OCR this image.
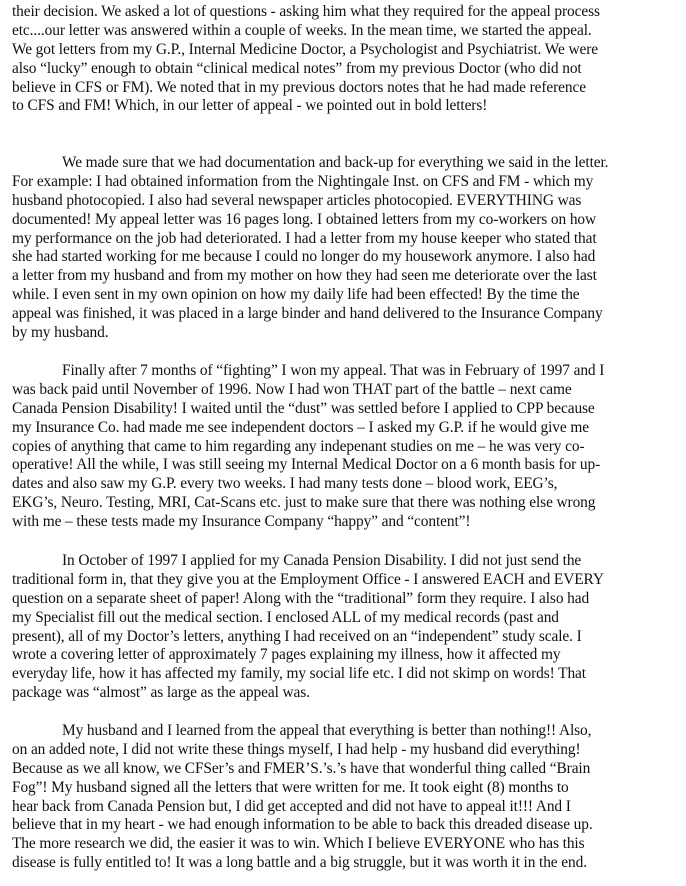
their decision. We asked a lot of questions - asking him what they required for the appeal process
etc....our letter was answered within a couple of weeks. In the mean time, we started the appeal.
We got letters from my G.P., Internal Medicine Doctor, a Psychologist and Psychiatrist. We were
also “lucky” enough to obtain “clinical medical notes” from my previous Doctor (who did not
believe in CFS or FM). We noted that in my previous doctors notes that he had made reference
to CFS and FM! Which, in our letter of appeal - we pointed out in bold letters!
We made sure that we had documentation and back-up for everything we said in the letter.
For example: I had obtained information from the Nightingale Inst. on CFS and FM - which my
husband photocopied. I also had several newspaper articles photocopied. EVERYTHING was
documented! My appeal letter was 16 pages long. I obtained letters from my co-workers on how
my performance on the job had deteriorated. I had a letter from my house keeper who stated that
she had started working for me because I could no longer do my housework anymore. I also had
a letter from my husband and from my mother on how they had seen me deteriorate over the last
while. I even sent in my own opinion on how my daily life had been effected! By the time the
appeal was finished, it was placed in a large binder and hand delivered to the Insurance Company
by my husband.
Finally after 7 months of “fighting” I won my appeal. That was in February of 1997 and I
was back paid until November of 1996. Now I had won THAT part of the battle – next came
Canada Pension Disability! I waited until the “dust” was settled before I applied to CPP because
my Insurance Co. had made me see independent doctors – I asked my G.P. if he would give me
copies of anything that came to him regarding any indepenant studies on me – he was very co-
operative! All the while, I was still seeing my Internal Medical Doctor on a 6 month basis for up-
dates and also saw my G.P. every two weeks. I had many tests done – blood work, EEG’s,
EKG’s, Neuro. Testing, MRI, Cat-Scans etc. just to make sure that there was nothing else wrong
with me – these tests made my Insurance Company “happy” and “content”!
In October of 1997 I applied for my Canada Pension Disability. I did not just send the
traditional form in, that they give you at the Employment Office - I answered EACH and EVERY
question on a separate sheet of paper! Along with the “traditional” form they require. I also had
my Specialist fill out the medical section. I enclosed ALL of my medical records (past and
present), all of my Doctor’s letters, anything I had received on an “independent” study scale. I
wrote a covering letter of approximately 7 pages explaining my illness, how it affected my
everyday life, how it has affected my family, my social life etc. I did not skimp on words! That
package was “almost” as large as the appeal was.
My husband and I learned from the appeal that everything is better than nothing!! Also,
on an added note, I did not write these things myself, I had help - my husband did everything!
Because as we all know, we CFSer’s and FMER’S.’s.’s have that wonderful thing called “Brain
Fog”! My husband signed all the letters that were written for me. It took eight (8) months to
hear back from Canada Pension but, I did get accepted and did not have to appeal it!!! And I
believe that in my heart - we had enough information to be able to back this dreaded disease up.
The more research we did, the easier it was to win. Which I believe EVERYONE who has this
disease is fully entitled to! It was a long battle and a big struggle, but it was worth it in the end.
